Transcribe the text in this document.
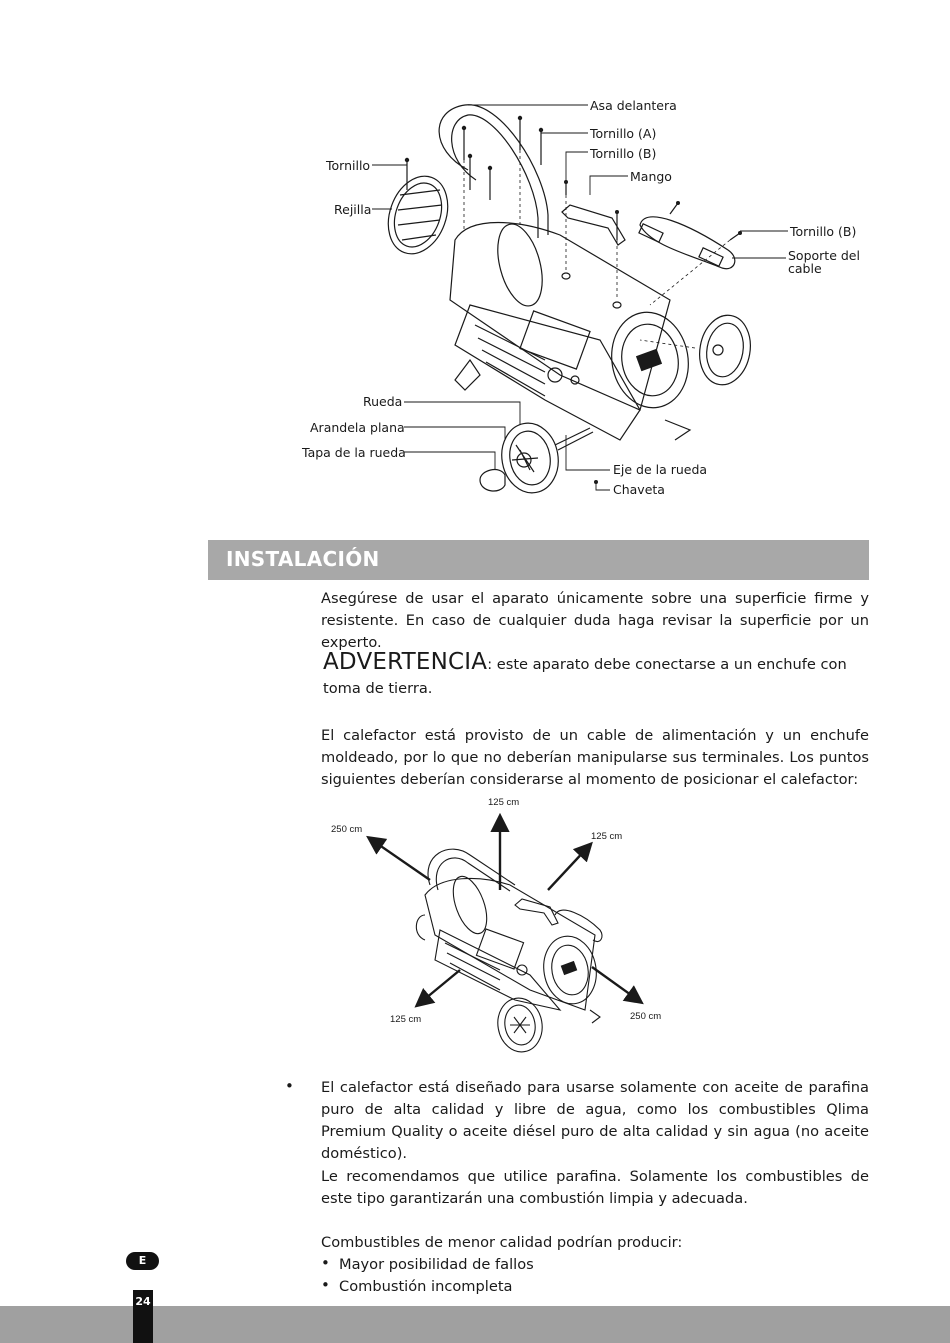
Asa delantera
Tornillo (A)
Tornillo (B)
Tornillo
Mango
Rejilla
Tornillo (B)
Soporte del
cable
Rueda
Arandela plana
Tapa de la rueda
Eje de la rueda
Chaveta
INSTALACIÓN
Asegúrese de usar el aparato únicamente sobre una superficie firme y resistente. En caso de cualquier duda haga revisar la superficie por un experto.
ADVERTENCIA: este aparato debe conectarse a un enchufe con toma de tierra.
El calefactor está provisto de un cable de alimentación y un enchufe moldeado, por lo que no deberían manipularse sus terminales. Los puntos siguientes deberían considerarse al momento de posicionar el calefactor:
125 cm
250 cm
125 cm
125 cm	250 cm
• El calefactor está diseñado para usarse solamente con aceite de parafina puro de alta calidad y libre de agua, como los combustibles Qlima Premium Quality o aceite diésel puro de alta calidad y sin agua (no aceite doméstico).
Le recomendamos que utilice parafina. Solamente los combustibles de este tipo garantizarán una combustión limpia y adecuada.
Combustibles de menor calidad podrían producir:
• Mayor posibilidad de fallos
• Combustión incompleta
E
24
